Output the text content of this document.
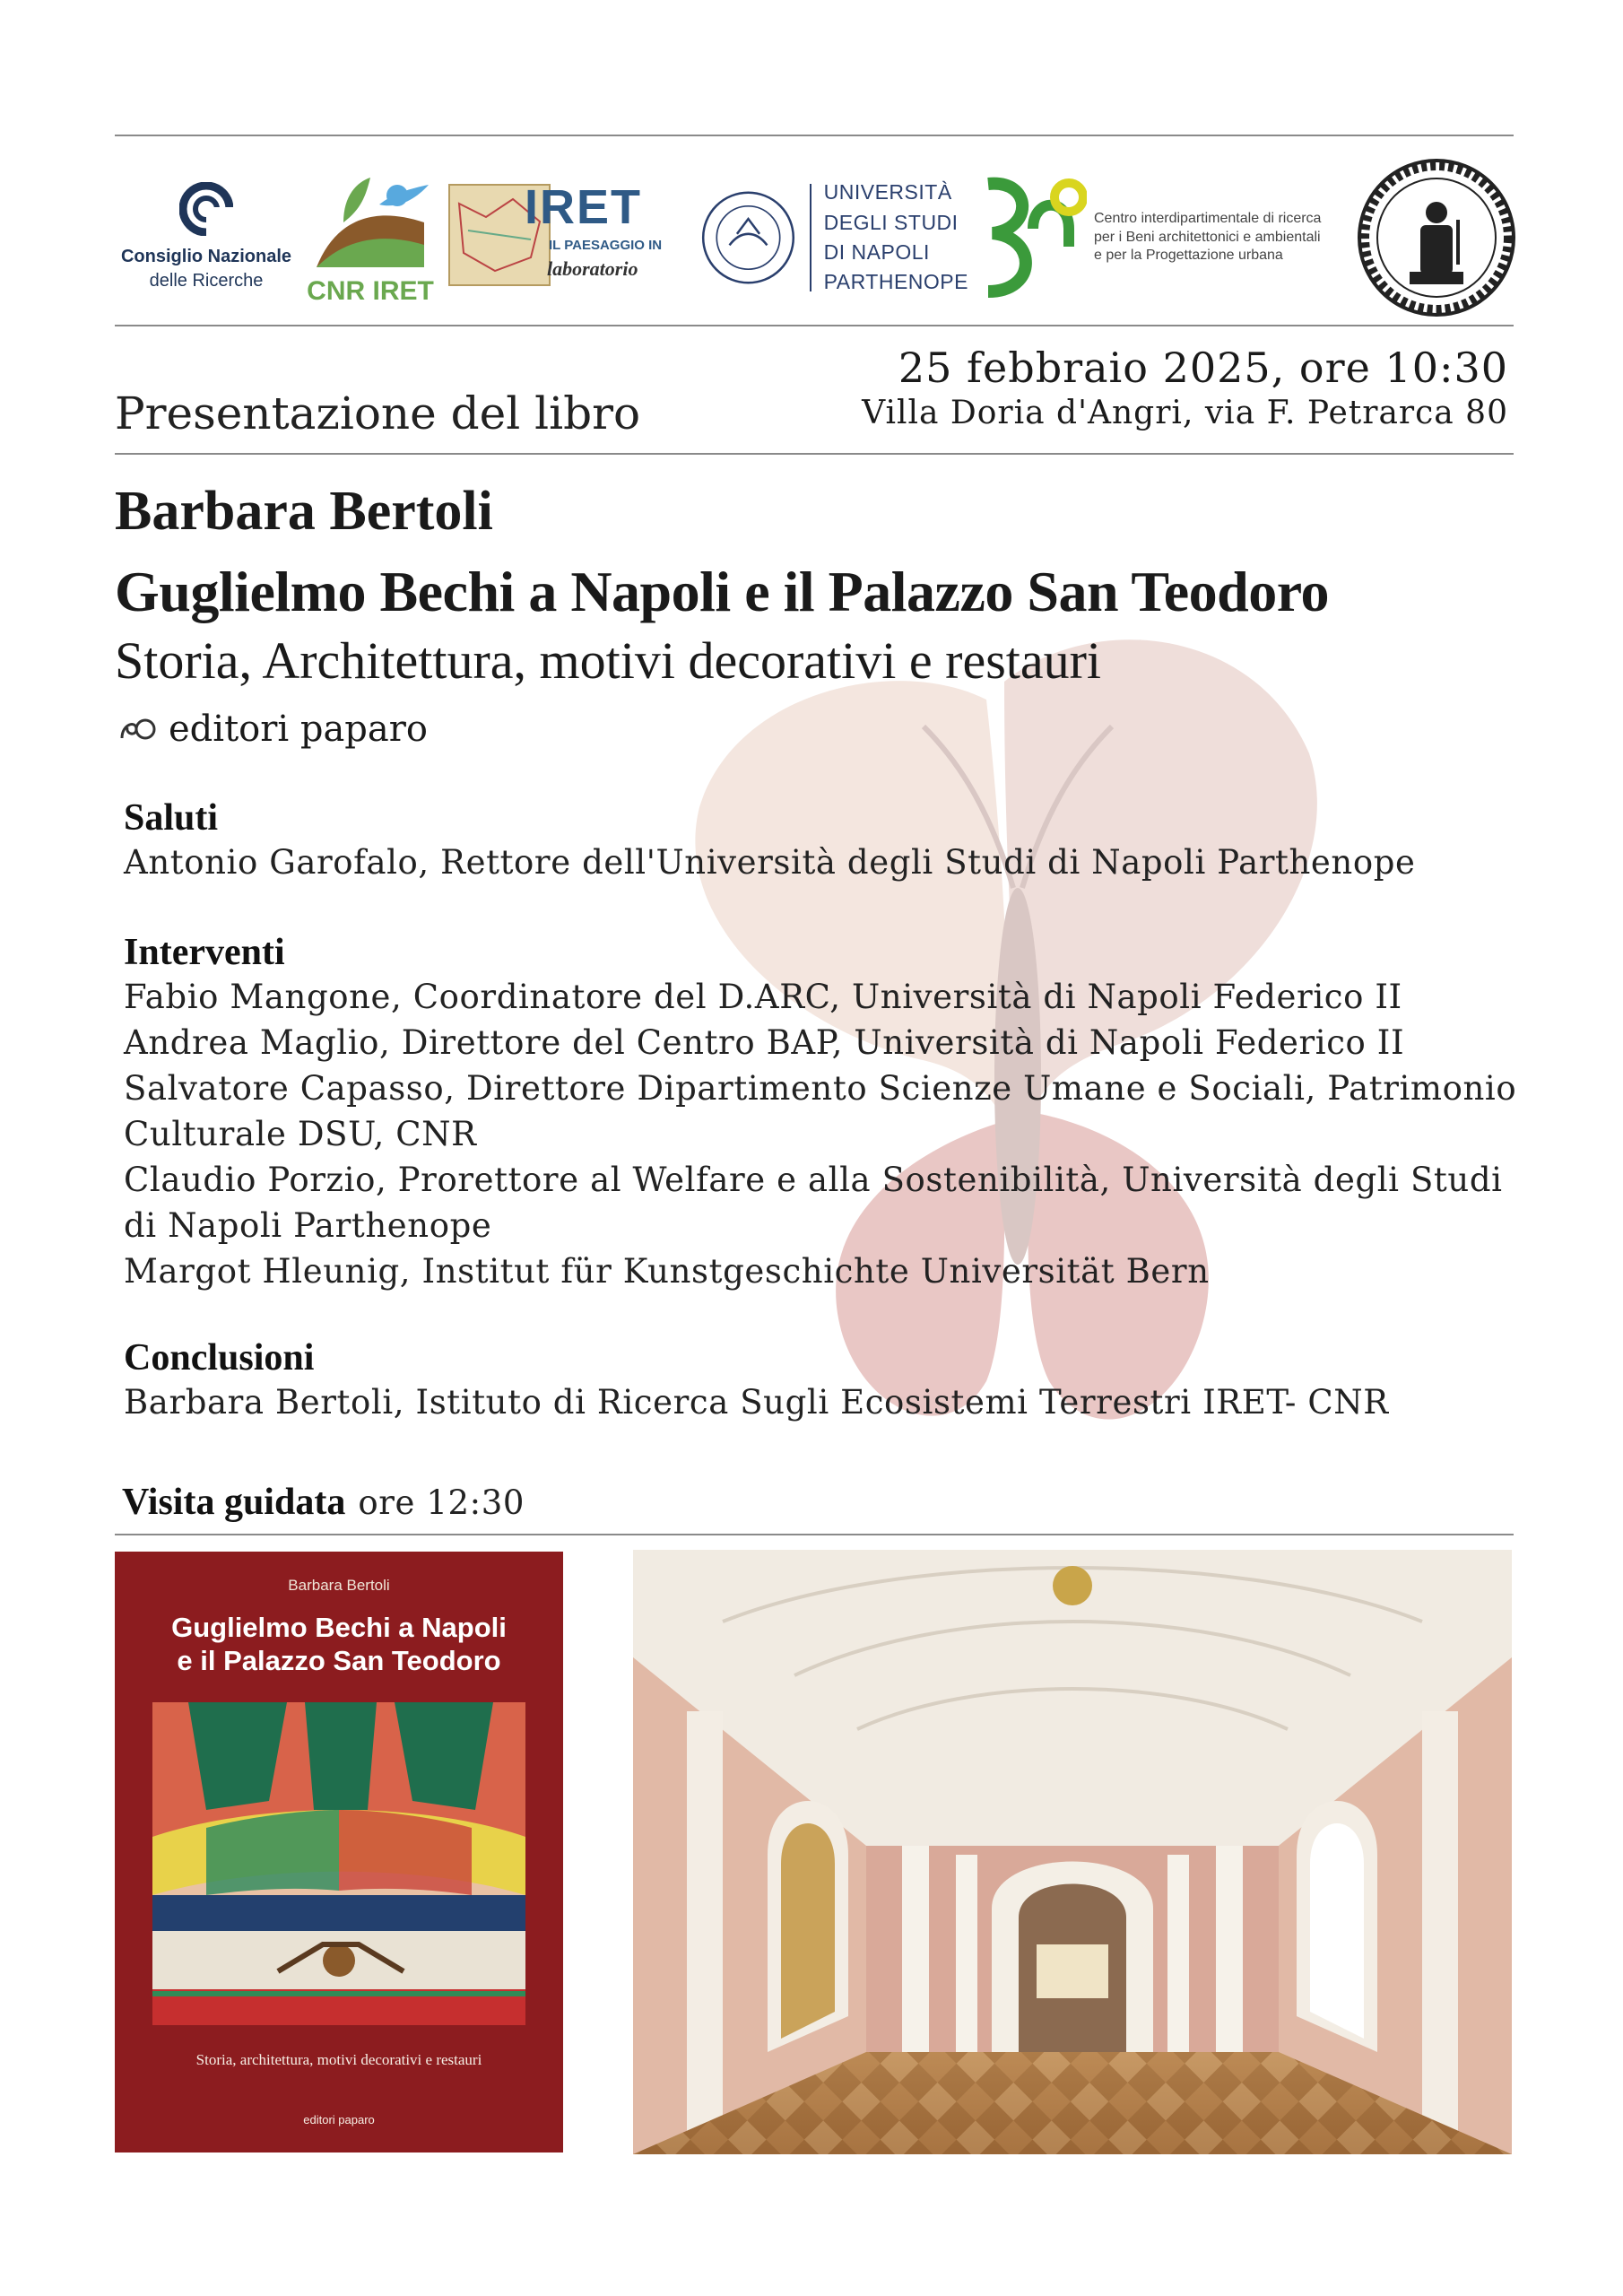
Consiglio Nazionale
delle Ricerche	CNR IRET
IRET
IL PAESAGGIO IN
laboratorio
UNIVERSITÀ
DEGLI STUDI
DI NAPOLI
PARTHENOPE
Centro interdipartimentale di ricerca
per i Beni architettonici e ambientali
e per la Progettazione urbana
Presentazione del libro
25 febbraio 2025, ore 10:30
Villa Doria d'Angri, via F. Petrarca 80
Barbara Bertoli
Guglielmo Bechi a Napoli e il Palazzo San Teodoro
Storia, Architettura, motivi decorativi e restauri
editori paparo
Saluti
Antonio Garofalo, Rettore dell'Università degli Studi di Napoli Parthenope
Interventi
Fabio Mangone, Coordinatore del D.ARC, Università di Napoli Federico II
Andrea Maglio, Direttore del Centro BAP, Università di Napoli Federico II
Salvatore Capasso, Direttore Dipartimento Scienze Umane e Sociali, Patrimonio
Culturale DSU, CNR
Claudio Porzio, Prorettore al Welfare e alla Sostenibilità, Università degli Studi
di Napoli Parthenope
Margot Hleunig, Institut für Kunstgeschichte Universität Bern
Conclusioni
Barbara Bertoli, Istituto di Ricerca Sugli Ecosistemi Terrestri IRET- CNR
Visita guidata ore 12:30
Barbara Bertoli
Guglielmo Bechi a Napoli
e il Palazzo San Teodoro
Storia, architettura, motivi decorativi e restauri
editori paparo
